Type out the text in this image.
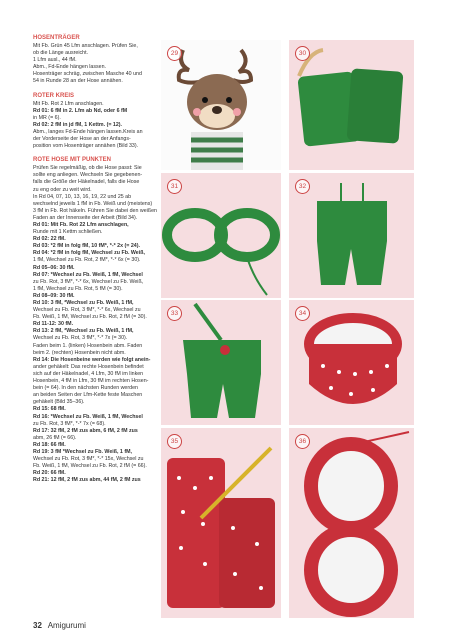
HOSENTRÄGER
Mit Fb. Grün 45 Lfm anschlagen. Prüfen Sie,
ob die Länge ausreicht.
1 Lfm ausl., 44 fM.
Abm., Fd-Ende hängen lassen.
Hosenträger schräg, zwischen Masche 40 und
54 in Runde 28 an der Hose annähen.
ROTER KREIS
Mit Fb. Rot 2 Lfm anschlagen.
Rd 01: 6 fM in 2. Lfm ab Nd, oder 6 fM
in MR (= 6).
Rd 02: 2 fM in jd fM, 1 Kettm. (= 12).
Abm., langes Fd-Ende hängen lassen.Kreis an
der Vorderseite der Hose an der Anfangs-
position vom Hosenträger annähen (Bild 33).
ROTE HOSE MIT PUNKTEN
Prüfen Sie regelmäßig, ob die Hose passt: Sie
sollte eng anliegen. Wechseln Sie gegebenen-
falls die Größe der Häkelnadel, falls die Hose
zu eng oder zu weit wird.
In Rd 04, 07, 10, 13, 16, 19, 22 und 25 ab
wechselnd jeweils 1 fM in Fb. Weiß und (meistens)
3 fM in Fb. Rot häkeln. Führen Sie dabei den weißen
Faden an der Innenseite der Arbeit (Bild 34).
Rd 01: Mit Fb. Rot 22 Lfm anschlagen,
Runde mit 1 Kettm schließen.
Rd 02: 22 fM.
Rd 03: *2 fM in folg fM, 10 fM*, *-* 2x (= 24).
Rd 04: *2 fM in folg fM, Wechsel zu Fb. Weiß,
1 fM, Wechsel zu Fb. Rot, 2 fM*, *-* 6x (= 30).
Rd 05–06: 30 fM.
Rd 07: *Wechsel zu Fb. Weiß, 1 fM, Wechsel
zu Fb. Rot, 3 fM*, *-* 6x, Wechsel zu Fb. Weiß,
1 fM, Wechsel zu Fb. Rot, 5 fM (= 30).
Rd 08–09: 30 fM.
Rd 10: 3 fM, *Wechsel zu Fb. Weiß, 1 fM,
Wechsel zu Fb. Rot, 3 fM*, *-* 6x, Wechsel zu
Fb. Weiß, 1 fM, Wechsel zu Fb. Rot, 2 fM (= 30).
Rd 11-12: 30 fM.
Rd 13: 2 fM, *Wechsel zu Fb. Weiß, 1 fM,
Wechsel zu Fb. Rot, 3 fM*, *-* 7x (= 30).
Faden beim 1. (linken) Hosenbein abm. Faden
beim 2. (rechten) Hosenbein nicht abm.
Rd 14: Die Hosenbeine werden wie folgt anein-
ander gehäkelt: Das rechte Hosenbein befindet
sich auf der Häkelnadel, 4 Lfm, 30 fM im linken
Hosenbein, 4 fM in Lfm, 30 fM im rechten Hosen-
bein (= 64). In den nächsten Runden werden
an beiden Seiten der Lfm-Kette feste Maschen
gehäkelt (Bild 35–36).
Rd 15: 68 fM.
Rd 16: *Wechsel zu Fb. Weiß, 1 fM, Wechsel
zu Fb. Rot, 3 fM*, *-* 7x (= 68).
Rd 17: 32 fM, 2 fM zus abm, 6 fM, 2 fM zus
abm, 26 fM (= 66).
Rd 18: 66 fM.
Rd 19: 3 fM *Wechsel zu Fb. Weiß, 1 fM,
Wechsel zu Fb. Rot, 3 fM*, *-* 15x, Wechsel zu
Fb. Weiß, 1 fM, Wechsel zu Fb. Rot, 2 fM (= 66).
Rd 20: 66 fM.
Rd 21: 12 fM, 2 fM zus abm, 44 fM, 2 fM zus
29	30
31	32
33	34
35	36
32 Amigurumi
